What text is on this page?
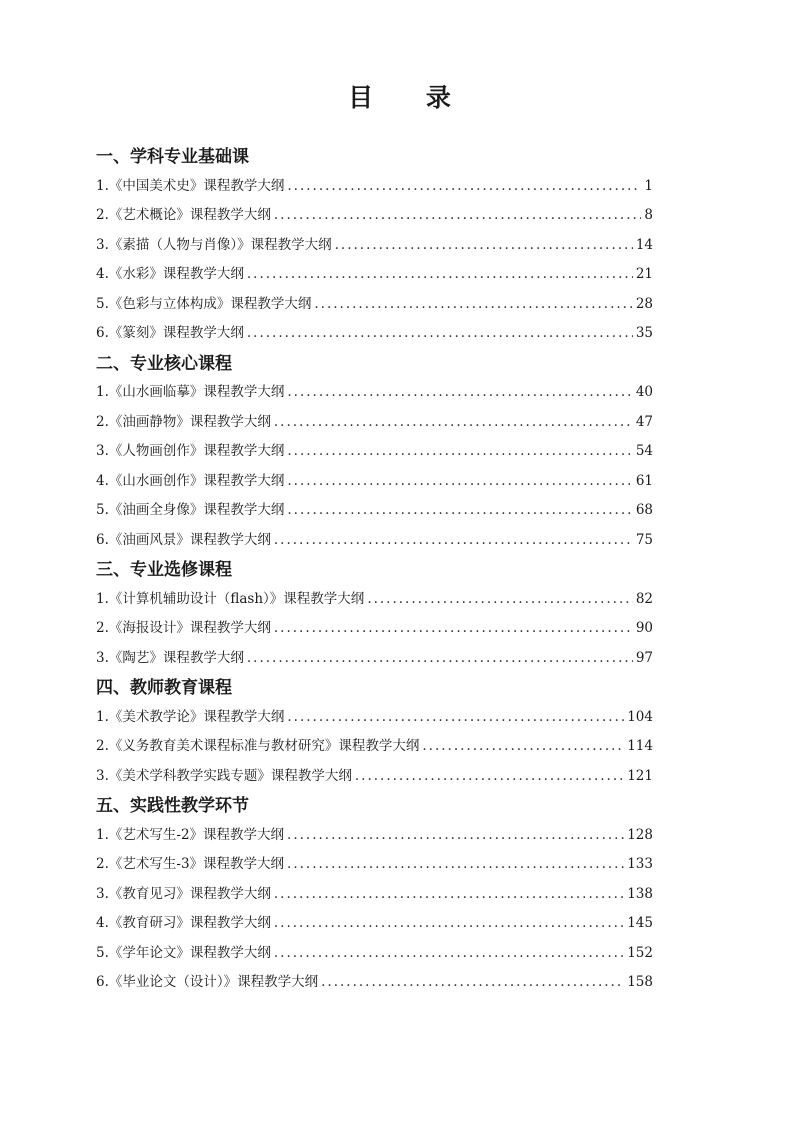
目 录
一、学科专业基础课
1.《中国美术史》课程教学大纲 .....	1
2.《艺术概论》课程教学大纲 .....	8
3.《素描（人物与肖像）》课程教学大纲 .....	14
4.《水彩》课程教学大纲 .....	21
5.《色彩与立体构成》课程教学大纲 .....	28
6.《篆刻》课程教学大纲 .....	35
二、专业核心课程
1.《山水画临摹》课程教学大纲 .....	40
2.《油画静物》课程教学大纲 .....	47
3.《人物画创作》课程教学大纲 .....	54
4.《山水画创作》课程教学大纲 .....	61
5.《油画全身像》课程教学大纲 .....	68
6.《油画风景》课程教学大纲 .....	75
三、专业选修课程
1.《计算机辅助设计（flash）》课程教学大纲 .....	82
2.《海报设计》课程教学大纲 .....	90
3.《陶艺》课程教学大纲 .....	97
四、教师教育课程
1.《美术教学论》课程教学大纲 .....	104
2.《义务教育美术课程标准与教材研究》课程教学大纲 .....	114
3.《美术学科教学实践专题》课程教学大纲 .....	121
五、实践性教学环节
1.《艺术写生-2》课程教学大纲 .....	128
2.《艺术写生-3》课程教学大纲 .....	133
3.《教育见习》课程教学大纲 .....	138
4.《教育研习》课程教学大纲 .....	145
5.《学年论文》课程教学大纲 .....	152
6.《毕业论文（设计）》课程教学大纲 .....	158
